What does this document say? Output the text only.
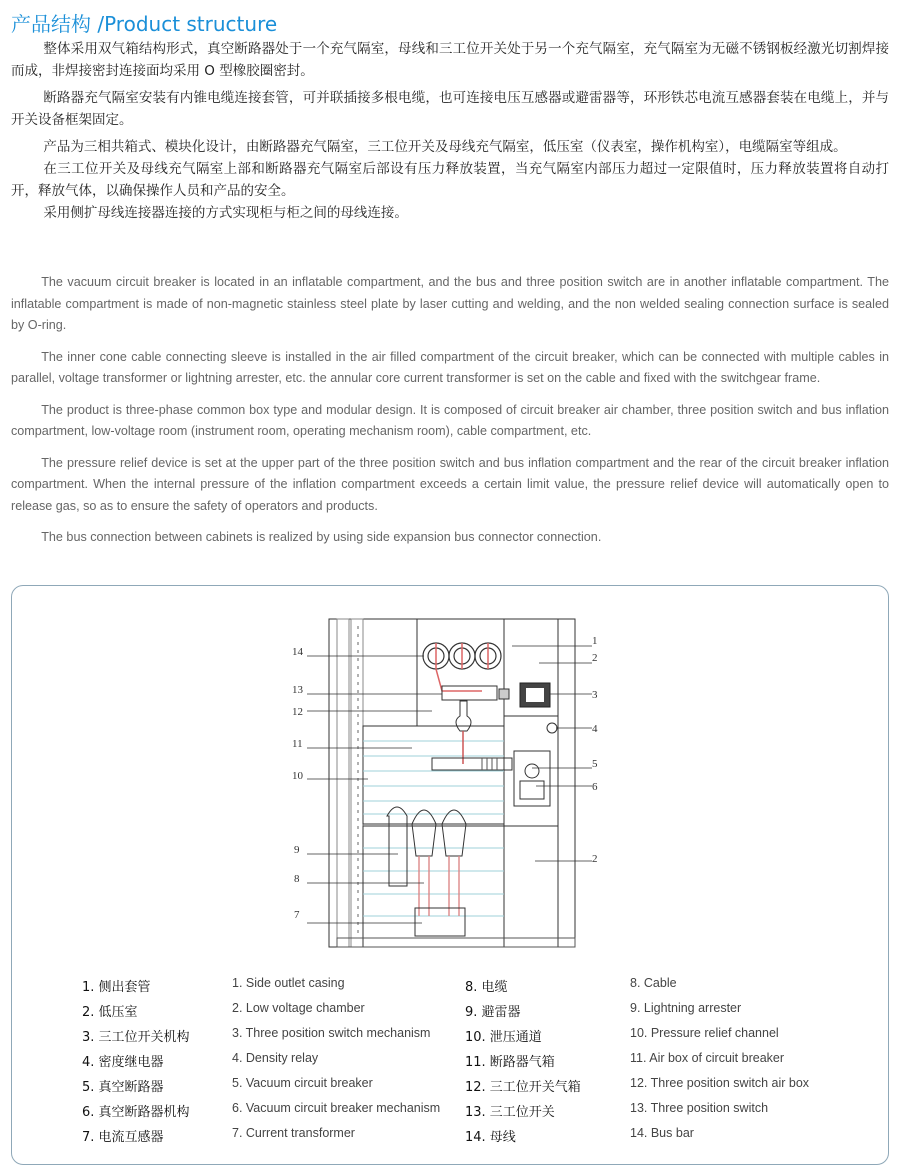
产品结构 /Product structure

整体采用双气箱结构形式，真空断路器处于一个充气隔室，母线和三工位开关处于另一个充气隔室，充气隔室为无磁不锈钢板经激光切割焊接而成，非焊接密封连接面均采用 O 型橡胶圈密封。

断路器充气隔室安装有内锥电缆连接套管，可并联插接多根电缆，也可连接电压互感器或避雷器等，环形铁芯电流互感器套装在电缆上，并与开关设备框架固定。

产品为三相共箱式、模块化设计，由断路器充气隔室，三工位开关及母线充气隔室，低压室（仪表室，操作机构室），电缆隔室等组成。

在三工位开关及母线充气隔室上部和断路器充气隔室后部设有压力释放装置，当充气隔室内部压力超过一定限值时，压力释放装置将自动打开，释放气体，以确保操作人员和产品的安全。

采用侧扩母线连接器连接的方式实现柜与柜之间的母线连接。

The vacuum circuit breaker is located in an inflatable compartment, and the bus and three position switch are in another inflatable compartment. The inflatable compartment is made of non-magnetic stainless steel plate by laser cutting and welding, and the non welded sealing connection surface is sealed by O-ring.

The inner cone cable connecting sleeve is installed in the air filled compartment of the circuit breaker, which can be connected with multiple cables in parallel, voltage transformer or lightning arrester, etc. the annular core current transformer is set on the cable and fixed with the switchgear frame.

The product is three-phase common box type and modular design. It is composed of circuit breaker air chamber, three position switch and bus inflation compartment, low-voltage room (instrument room, operating mechanism room), cable compartment, etc.

The pressure relief device is set at the upper part of the three position switch and bus inflation compartment and the rear of the circuit breaker inflation compartment. When the internal pressure of the inflation compartment exceeds a certain limit value, the pressure relief device will automatically open to release gas, so as to ensure the safety of operators and products.

The bus connection between cabinets is realized by using side expansion bus connector connection.

14
13
12
11
10
9
8
7
1
2
3
4
5
6
2
1. 侧出套管	1. Side outlet casing
2. 低压室	2. Low voltage chamber
3. 三工位开关机构	3. Three position switch mechanism
4. 密度继电器	4. Density relay
5. 真空断路器	5. Vacuum circuit breaker
6. 真空断路器机构	6. Vacuum circuit breaker mechanism
7. 电流互感器	7. Current transformer
8. 电缆	8. Cable
9. 避雷器	9. Lightning arrester
10. 泄压通道	10. Pressure relief channel
11. 断路器气箱	11. Air box of circuit breaker
12. 三工位开关气箱	12. Three position switch air box
13. 三工位开关	13. Three position switch
14. 母线	14. Bus bar
